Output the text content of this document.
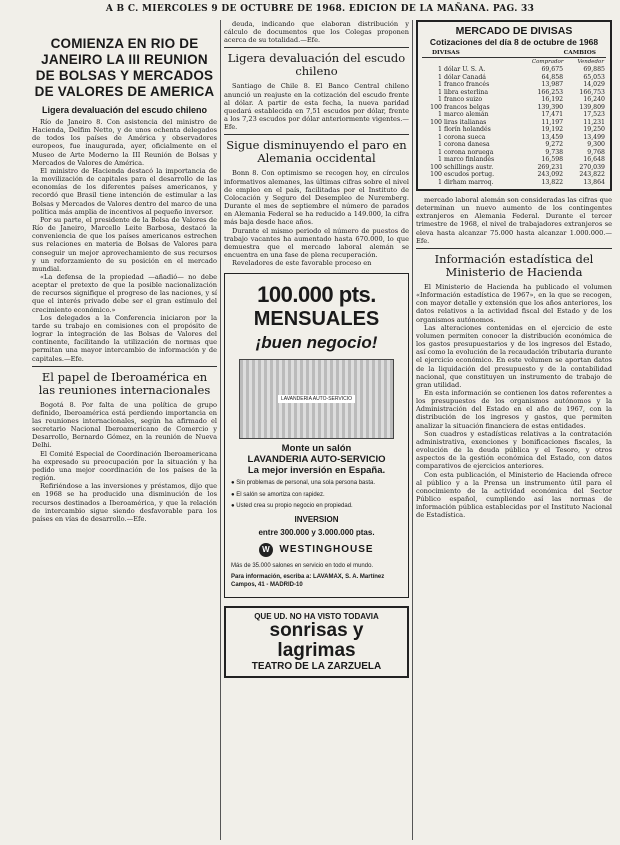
A B C. MIERCOLES 9 DE OCTUBRE DE 1968. EDICION DE LA MAÑANA. PAG. 33
COMIENZA EN RIO DE JANEIRO LA III REUNION DE BOLSAS Y MERCADOS DE VALORES DE AMERICA
Ligera devaluación del escudo chileno

Río de Janeiro 8. Con asistencia del ministro de Hacienda, Delfim Netto, y de unos ochenta delegados de todos los países de América y observadores europeos, fue inaugurada, ayer, oficialmente en el Museo de Arte Moderno la III Reunión de Bolsas y Mercados de Valores de América.

El ministro de Hacienda destacó la importancia de la movilización de capitales para el desarrollo de las economías de los diferentes países americanos, y recordó que Brasil tiene intención de estimular a las Bolsas y Mercados de Valores dentro del marco de una política más amplia de incentivos al pequeño inversor.

Por su parte, el presidente de la Bolsa de Valores de Río de Janeiro, Marcello Leite Barbosa, destacó la conveniencia de que los países americanos estrechen sus relaciones en materia de Bolsas de Valores para conseguir un mejor aprovechamiento de sus recursos y un reforzamiento de su posición en el mercado mundial.

«La defensa de la propiedad —añadió— no debe aceptar el pretexto de que la posible nacionalización de recursos signifique el progreso de las naciones, y sí que el interés privado debe ser el gran estímulo del crecimiento económico.»

Los delegados a la Conferencia iniciaron por la tarde su trabajo en comisiones con el propósito de lograr la integración de las Bolsas de Valores del continente, facilitando la utilización de normas que permitan una mayor intercambio de información y de capitales.—Efe.

El papel de Iberoamérica en las reuniones internacionales

Bogotá 8. Por falta de una política de grupo definido, Iberoamérica está perdiendo importancia en las reuniones internacionales, según ha afirmado el secretario Nacional Iberoamericano de Comercio y Desarrollo, Bernardo Gómez, en la reunión de Nueva Delhi.

El Comité Especial de Coordinación Iberoamericana ha expresado su preocupación por la situación y ha pedido una mejor coordinación de los países de la región.

Refiriéndose a las inversiones y préstamos, dijo que en 1968 se ha producido una disminución de los recursos destinados a Iberoamérica, y que la relación de intercambio sigue siendo desfavorable para los países en vías de desarrollo.—Efe.

deuda, indicando que elaboran distribución y cálculo de documentos que los Colegas proponen acerca de su totalidad.—Efe.

Ligera devaluación del escudo chileno

Santiago de Chile 8. El Banco Central chileno anunció un reajuste en la cotización del escudo frente al dólar. A partir de esta fecha, la nueva paridad quedará establecida en 7,51 escudos por dólar, frente a los 7,23 escudos por dólar anteriormente vigentes.—Efe.

Sigue disminuyendo el paro en Alemania occidental

Bonn 8. Con optimismo se recogen hoy, en círculos informativos alemanes, las últimas cifras sobre el nivel de empleo en el país, facilitadas por el Instituto de Colocación y Seguro del Desempleo de Nuremberg. Durante el mes de septiembre el número de parados en Alemania Federal se ha reducido a 149.000, la cifra más baja desde hace años.

Durante el mismo periodo el número de puestos de trabajo vacantes ha aumentado hasta 670.000, lo que demuestra que el mercado laboral alemán se encuentra en una fase de plena recuperación.

Reveladores de este favorable proceso en

100.000 pts.
MENSUALES
¡buen negocio!
LAVANDERIA AUTO-SERVICIO
Monte un salón
LAVANDERIA AUTO-SERVICIO
La mejor inversión en España.
● Sin problemas de personal, una sola persona basta.
● El salón se amortiza con rapidez.
● Usted crea su propio negocio en propiedad.
INVERSION
entre 300.000 y 3.000.000 ptas.
W WESTINGHOUSE
Más de 35.000 salones en servicio en todo el mundo.
Para información, escriba a: LAVAMAX, S. A. Martínez Campos, 41 - MADRID-10
QUE UD. NO HA VISTO TODAVIA
sonrisas y lagrimas
TEATRO DE LA ZARZUELA
MERCADO DE DIVISAS
Cotizaciones del día 8 de octubre de 1968
DIVISAS	CAMBIOS
Comprador	Vendedor
1	dólar U. S. A.	69,675	69,885
1	dólar Canadá	64,858	65,053
1	franco francés	13,987	14,029
1	libra esterlina	166,253	166,753
1	franco suizo	16,192	16,240
100	francos belgas	139,390	139,809
1	marco alemán	17,471	17,523
100	liras italianas	11,197	11,231
1	florín holandés	19,192	19,250
1	corona sueca	13,459	13,499
1	corona danesa	9,272	9,300
1	corona noruega	9,738	9,768
1	marco finlandés	16,598	16,648
100	schillings austr.	269,231	270,039
100	escudos portug.	243,092	243,822
1	dirham marroq.	13,822	13,864

mercado laboral alemán son consideradas las cifras que determinan un nuevo aumento de los contingentes extranjeros en Alemania Federal. Durante el tercer trimestre de 1968, el nivel de trabajadores extranjeros se eleva hasta alcanzar 75.000 hasta alcanzar 1.000.000.—Efe.

Información estadística del Ministerio de Hacienda

El Ministerio de Hacienda ha publicado el volumen «Información estadística de 1967», en la que se recogen, con mayor detalle y extensión que los años anteriores, los datos relativos a la actividad fiscal del Estado y de los organismos autónomos.

Las alteraciones contenidas en el ejercicio de este volumen permiten conocer la distribución económica de los gastos presupuestarios y de los ingresos del Estado, así como la evolución de la recaudación tributaria durante el ejercicio económico. En este volumen se aportan datos de la liquidación del presupuesto y de la contabilidad nacional, que constituyen un instrumento de trabajo de gran utilidad.

En esta información se contienen los datos referentes a los presupuestos de los organismos autónomos y la Administración del Estado en el año de 1967, con la distribución de los ingresos y gastos, que permiten analizar la situación financiera de estas entidades.

Son cuadros y estadísticas relativas a la contratación administrativa, exenciones y bonificaciones fiscales, la evolución de la deuda pública y el Tesoro, y otros aspectos de la gestión económica del Estado, con datos comparativos de ejercicios anteriores.

Con esta publicación, el Ministerio de Hacienda ofrece al público y a la Prensa un instrumento útil para el conocimiento de la actividad económica del Sector Público español, cumpliendo así las normas de información pública establecidas por el Instituto Nacional de Estadística.
